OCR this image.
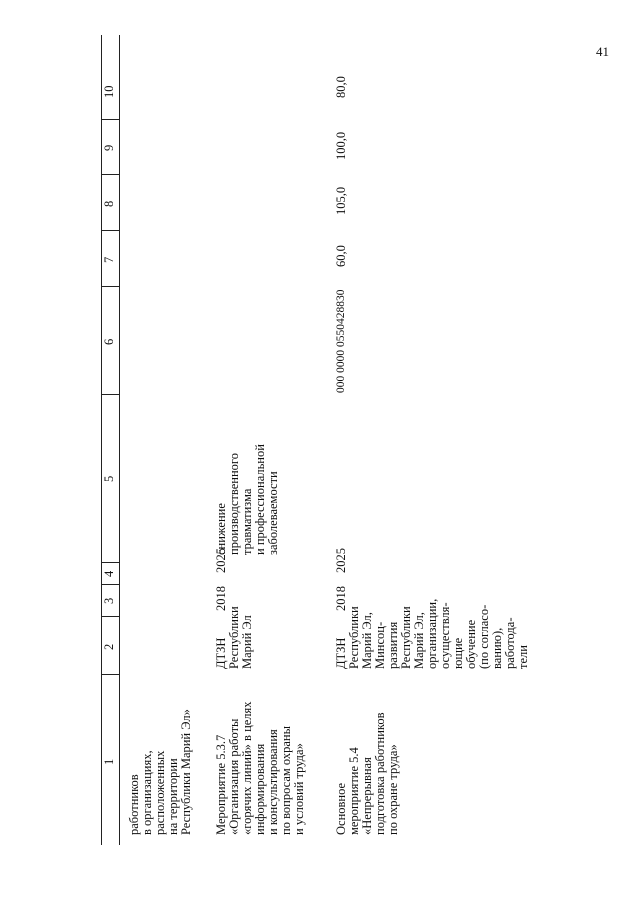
41
1
2
3
4
5
6
7
8
9
10
работников в организациях, расположенных на территории Республики Марий Эл» Мероприятие 5.3.7 «Организация работы «горячих линий» в целях информирования и консультирования по вопросам охраны и условий труда»
ДТЗН Республики Марий Эл
2018
2025
снижение производственного травматизма и профессиональной заболеваемости
Основное мероприятие 5.4 «Непрерывная подготовка работников по охране труда»
ДТЗН Республики Марий Эл, Минсоц- развития Республики Марий Эл, организации, осуществля- ющие обучение (по согласо- ванию), работода- тели
2018
2025
000 0000 0550428830
60,0
105,0
100,0
80,0
